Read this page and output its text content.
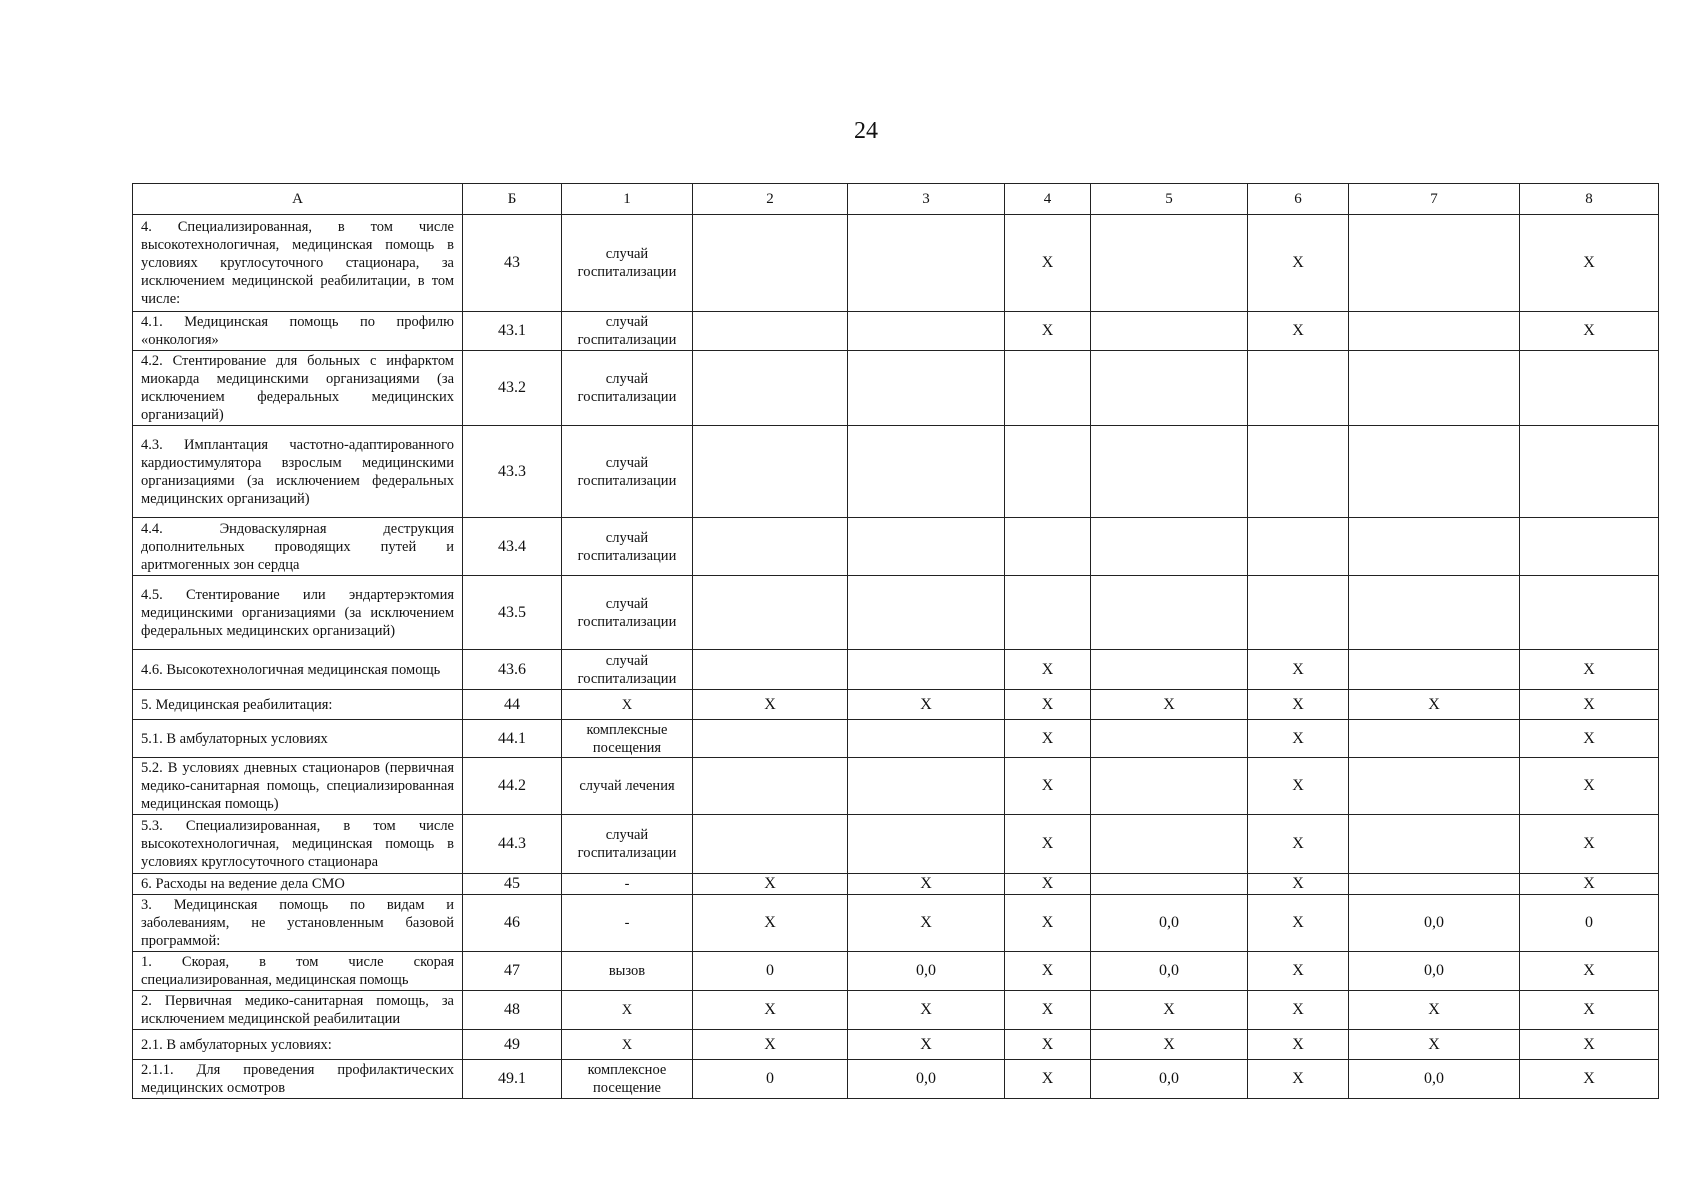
24
А	Б	1	2	3	4	5	6	7	8
4. Специализированная, в том числе высокотехнологичная, медицинская помощь в условиях круглосуточного стационара, за исключением медицинской реабилитации, в том числе:	43	случай госпитализации			Х		Х		Х
4.1. Медицинская помощь по профилю «онкология»	43.1	случай госпитализации			Х		Х		Х
4.2. Стентирование для больных с инфарктом миокарда медицинскими организациями (за исключением федеральных медицинских организаций)	43.2	случай госпитализации							
4.3. Имплантация частотно-адаптированного кардиостимулятора взрослым медицинскими организациями (за исключением федеральных медицинских организаций)	43.3	случай госпитализации							
4.4. Эндоваскулярная деструкция дополнительных проводящих путей и аритмогенных зон сердца	43.4	случай госпитализации							
4.5. Стентирование или эндартерэктомия медицинскими организациями (за исключением федеральных медицинских организаций)	43.5	случай госпитализации							
4.6. Высокотехнологичная медицинская помощь	43.6	случай госпитализации			Х		Х		Х
5. Медицинская реабилитация:	44	Х	Х	Х	Х	Х	Х	Х	Х
5.1. В амбулаторных условиях	44.1	комплексные посещения			Х		Х		Х
5.2. В условиях дневных стационаров (первичная медико-санитарная помощь, специализированная медицинская помощь)	44.2	случай лечения			Х		Х		Х
5.3. Специализированная, в том числе высокотехнологичная, медицинская помощь в условиях круглосуточного стационара	44.3	случай госпитализации			Х		Х		Х
6. Расходы на ведение дела СМО	45	-	Х	Х	Х		Х		Х
3. Медицинская помощь по видам и заболеваниям, не установленным базовой программой:	46	-	Х	Х	Х	0,0	Х	0,0	0
1. Скорая, в том числе скорая специализированная, медицинская помощь	47	вызов	0	0,0	Х	0,0	Х	0,0	Х
2. Первичная медико-санитарная помощь, за исключением медицинской реабилитации	48	Х	Х	Х	Х	Х	Х	Х	Х
2.1. В амбулаторных условиях:	49	Х	Х	Х	Х	Х	Х	Х	Х
2.1.1. Для проведения профилактических медицинских осмотров	49.1	комплексное посещение	0	0,0	Х	0,0	Х	0,0	Х
